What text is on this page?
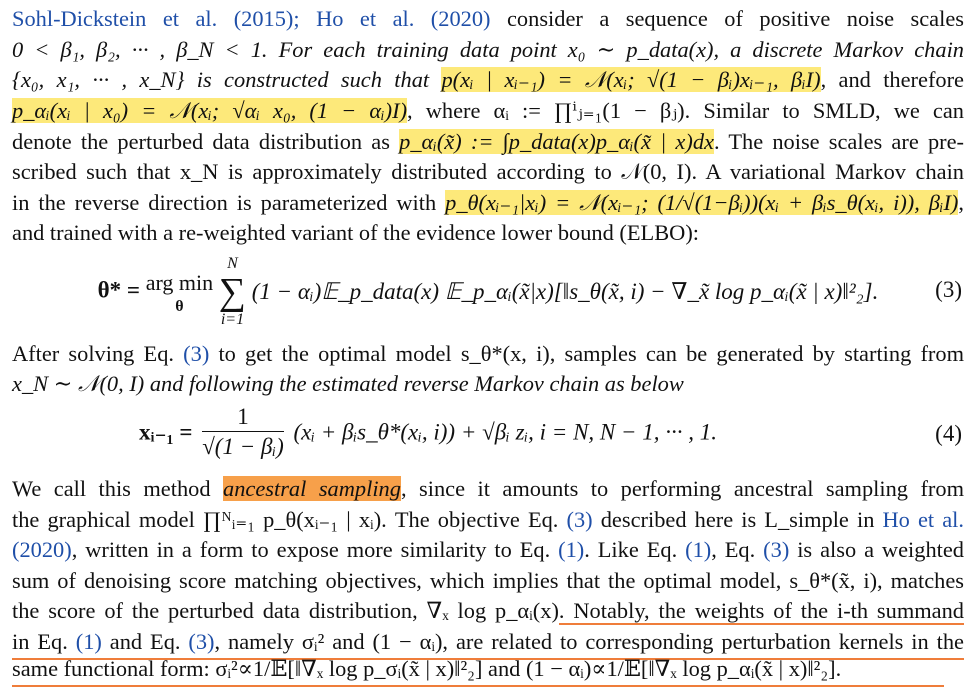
Sohl-Dickstein et al. (2015); Ho et al. (2020) consider a sequence of positive noise scales
0 < β₁, β₂, ··· , β_N < 1. For each training data point x₀ ∼ p_data(x), a discrete Markov chain
{x₀, x₁, ··· , x_N} is constructed such that p(xᵢ | xᵢ₋₁) = 𝒩(xᵢ; √(1 − βᵢ)xᵢ₋₁, βᵢI), and therefore
p_αᵢ(xᵢ | x₀) = 𝒩(xᵢ; √αᵢ x₀, (1 − αᵢ)I), where αᵢ := ∏ⁱⱼ₌₁(1 − βⱼ). Similar to SMLD, we can
denote the perturbed data distribution as p_αᵢ(x̃) := ∫p_data(x)p_αᵢ(x̃ | x)dx. The noise scales are pre-
scribed such that x_N is approximately distributed according to 𝒩(0, I). A variational Markov chain
in the reverse direction is parameterized with p_θ(xᵢ₋₁|xᵢ) = 𝒩(xᵢ₋₁; (1/√(1−βᵢ))(xᵢ + βᵢs_θ(xᵢ, i)), βᵢI),
and trained with a re-weighted variant of the evidence lower bound (ELBO):
θ* = arg min
θ

N
∑
i=1
(1 − αᵢ)𝔼_p_data(x) 𝔼_p_αᵢ(x̃|x)[‖s_θ(x̃, i) − ∇_x̃ log p_αᵢ(x̃ | x)‖²₂].	(3)
After solving Eq. (3) to get the optimal model s_θ*(x, i), samples can be generated by starting from
x_N ∼ 𝒩(0, I) and following the estimated reverse Markov chain as below
xᵢ₋₁ = $\frac{1}{\text{√(1 − βᵢ)}}$ (xᵢ + βᵢs_θ*(xᵢ, i)) + √βᵢ zᵢ, i = N, N − 1, ··· , 1.	(4)
We call this method ancestral sampling, since it amounts to performing ancestral sampling from
the graphical model ∏ᴺᵢ₌₁ p_θ(xᵢ₋₁ | xᵢ). The objective Eq. (3) described here is L_simple in Ho et al.
(2020), written in a form to expose more similarity to Eq. (1). Like Eq. (1), Eq. (3) is also a weighted
sum of denoising score matching objectives, which implies that the optimal model, s_θ*(x̃, i), matches
the score of the perturbed data distribution, ∇ₓ log p_αᵢ(x). Notably, the weights of the i-th summand
in Eq. (1) and Eq. (3), namely σᵢ² and (1 − αᵢ), are related to corresponding perturbation kernels in the
same functional form: σᵢ²∝1/𝔼[‖∇ₓ log p_σᵢ(x̃ | x)‖²₂] and (1 − αᵢ)∝1/𝔼[‖∇ₓ log p_αᵢ(x̃ | x)‖²₂].
